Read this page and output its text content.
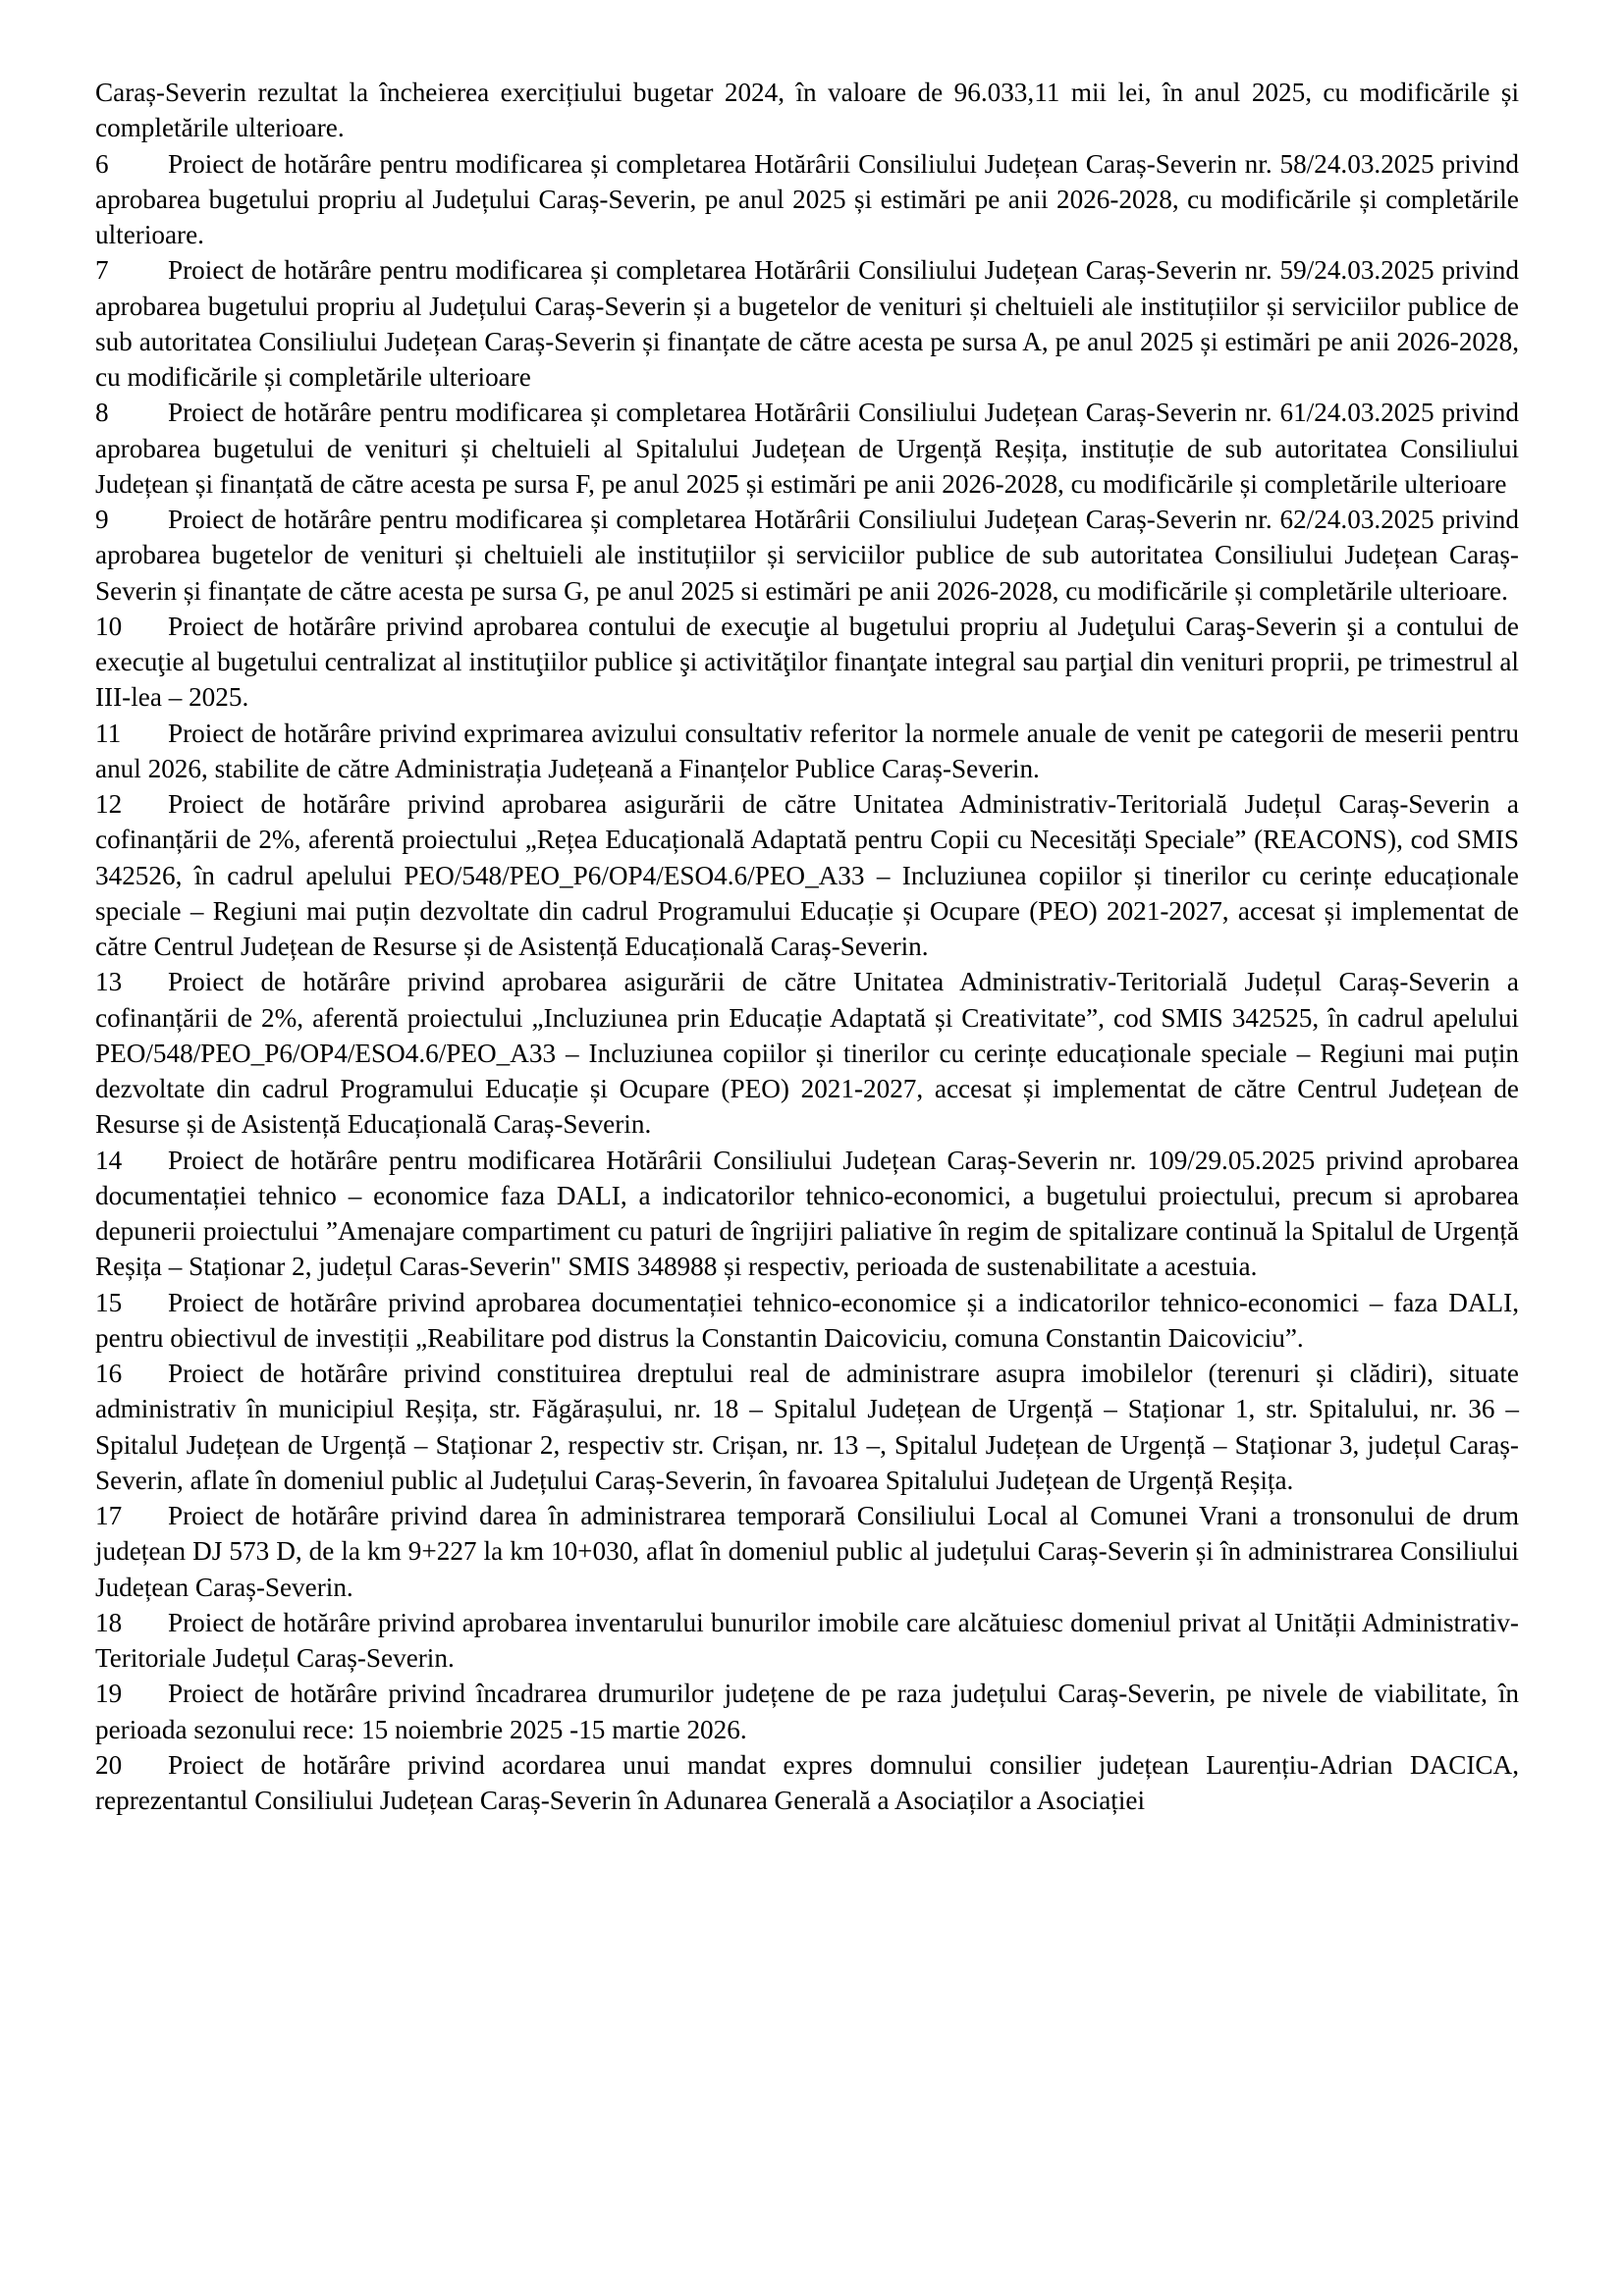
Caraș-Severin rezultat la încheierea exercițiului bugetar 2024, în valoare de 96.033,11 mii lei, în anul 2025, cu modificările și completările ulterioare.

6 Proiect de hotărâre pentru modificarea și completarea Hotărârii Consiliului Județean Caraș-Severin nr. 58/24.03.2025 privind aprobarea bugetului propriu al Județului Caraș-Severin, pe anul 2025 și estimări pe anii 2026-2028, cu modificările și completările ulterioare.

7 Proiect de hotărâre pentru modificarea și completarea Hotărârii Consiliului Județean Caraș-Severin nr. 59/24.03.2025 privind aprobarea bugetului propriu al Județului Caraș-Severin și a bugetelor de venituri și cheltuieli ale instituțiilor și serviciilor publice de sub autoritatea Consiliului Județean Caraș-Severin și finanțate de către acesta pe sursa A, pe anul 2025 și estimări pe anii 2026-2028, cu modificările și completările ulterioare

8 Proiect de hotărâre pentru modificarea și completarea Hotărârii Consiliului Județean Caraș-Severin nr. 61/24.03.2025 privind aprobarea bugetului de venituri și cheltuieli al Spitalului Județean de Urgență Reșița, instituție de sub autoritatea Consiliului Județean și finanțată de către acesta pe sursa F, pe anul 2025 și estimări pe anii 2026-2028, cu modificările și completările ulterioare

9 Proiect de hotărâre pentru modificarea și completarea Hotărârii Consiliului Județean Caraș-Severin nr. 62/24.03.2025 privind aprobarea bugetelor de venituri și cheltuieli ale instituțiilor și serviciilor publice de sub autoritatea Consiliului Județean Caraș-Severin și finanțate de către acesta pe sursa G, pe anul 2025 si estimări pe anii 2026-2028, cu modificările și completările ulterioare.

10 Proiect de hotărâre privind aprobarea contului de execuţie al bugetului propriu al Judeţului Caraş-Severin şi a contului de execuţie al bugetului centralizat al instituţiilor publice şi activităţilor finanţate integral sau parţial din venituri proprii, pe trimestrul al III-lea – 2025.

11 Proiect de hotărâre privind exprimarea avizului consultativ referitor la normele anuale de venit pe categorii de meserii pentru anul 2026, stabilite de către Administrația Județeană a Finanțelor Publice Caraș-Severin.

12 Proiect de hotărâre privind aprobarea asigurării de către Unitatea Administrativ-Teritorială Județul Caraș-Severin a cofinanțării de 2%, aferentă proiectului „Rețea Educațională Adaptată pentru Copii cu Necesități Speciale” (REACONS), cod SMIS 342526, în cadrul apelului PEO/548/PEO_P6/OP4/ESO4.6/PEO_A33 – Incluziunea copiilor și tinerilor cu cerințe educaționale speciale – Regiuni mai puțin dezvoltate din cadrul Programului Educație și Ocupare (PEO) 2021-2027, accesat și implementat de către Centrul Județean de Resurse și de Asistență Educațională Caraș-Severin.

13 Proiect de hotărâre privind aprobarea asigurării de către Unitatea Administrativ-Teritorială Județul Caraș-Severin a cofinanțării de 2%, aferentă proiectului „Incluziunea prin Educație Adaptată și Creativitate”, cod SMIS 342525, în cadrul apelului PEO/548/PEO_P6/OP4/ESO4.6/PEO_A33 – Incluziunea copiilor și tinerilor cu cerințe educaționale speciale – Regiuni mai puțin dezvoltate din cadrul Programului Educație și Ocupare (PEO) 2021-2027, accesat și implementat de către Centrul Județean de Resurse și de Asistență Educațională Caraș-Severin.

14 Proiect de hotărâre pentru modificarea Hotărârii Consiliului Județean Caraș-Severin nr. 109/29.05.2025 privind aprobarea documentației tehnico – economice faza DALI, a indicatorilor tehnico-economici, a bugetului proiectului, precum si aprobarea depunerii proiectului ”Amenajare compartiment cu paturi de îngrijiri paliative în regim de spitalizare continuă la Spitalul de Urgență Reșița – Staționar 2, județul Caras-Severin" SMIS 348988 și respectiv, perioada de sustenabilitate a acestuia.

15 Proiect de hotărâre privind aprobarea documentației tehnico-economice și a indicatorilor tehnico-economici – faza DALI, pentru obiectivul de investiții „Reabilitare pod distrus la Constantin Daicoviciu, comuna Constantin Daicoviciu”.

16 Proiect de hotărâre privind constituirea dreptului real de administrare asupra imobilelor (terenuri și clădiri), situate administrativ în municipiul Reșița, str. Făgărașului, nr. 18 – Spitalul Județean de Urgență – Staționar 1, str. Spitalului, nr. 36 – Spitalul Județean de Urgență – Staționar 2, respectiv str. Crișan, nr. 13 –, Spitalul Județean de Urgență – Staționar 3, județul Caraș-Severin, aflate în domeniul public al Județului Caraș-Severin, în favoarea Spitalului Județean de Urgență Reșița.

17 Proiect de hotărâre privind darea în administrarea temporară Consiliului Local al Comunei Vrani a tronsonului de drum județean DJ 573 D, de la km 9+227 la km 10+030, aflat în domeniul public al județului Caraș-Severin și în administrarea Consiliului Județean Caraș-Severin.

18 Proiect de hotărâre privind aprobarea inventarului bunurilor imobile care alcătuiesc domeniul privat al Unității Administrativ-Teritoriale Județul Caraș-Severin.

19 Proiect de hotărâre privind încadrarea drumurilor județene de pe raza județului Caraș-Severin, pe nivele de viabilitate, în perioada sezonului rece: 15 noiembrie 2025 -15 martie 2026.

20 Proiect de hotărâre privind acordarea unui mandat expres domnului consilier județean Laurențiu-Adrian DACICA, reprezentantul Consiliului Județean Caraș-Severin în Adunarea Generală a Asociaților a Asociației
